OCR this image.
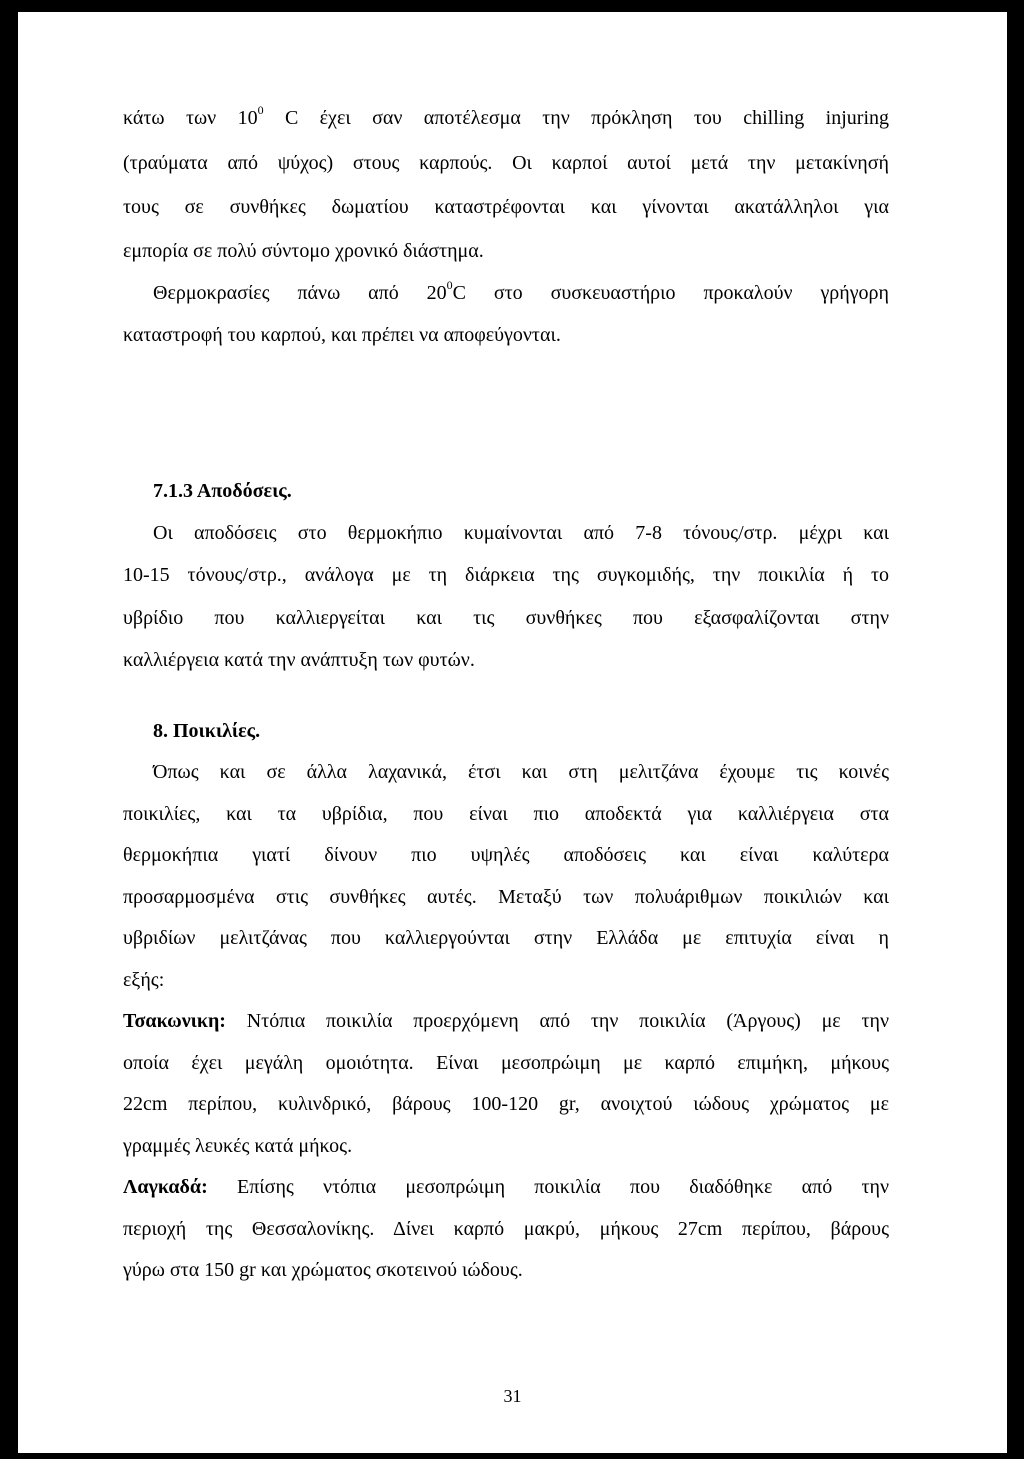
κάτω των $10^0$ C έχει σαν αποτέλεσμα την πρόκληση του chilling injuring
(τραύματα από ψύχος) στους καρπούς. Οι καρποί αυτοί μετά την μετακίνησή
τους σε συνθήκες δωματίου καταστρέφονται και γίνονται ακατάλληλοι για
εμπορία σε πολύ σύντομο χρονικό διάστημα.
Θερμοκρασίες πάνω από $20^0C$ στο συσκευαστήριο προκαλούν γρήγορη
καταστροφή του καρπού, και πρέπει να αποφεύγονται.
7.1.3 Αποδόσεις.
Οι αποδόσεις στο θερμοκήπιο κυμαίνονται από 7-8 τόνους/στρ. μέχρι και
10-15 τόνους/στρ., ανάλογα με τη διάρκεια της συγκομιδής, την ποικιλία ή το
υβρίδιο που καλλιεργείται και τις συνθήκες που εξασφαλίζονται στην
καλλιέργεια κατά την ανάπτυξη των φυτών.
8. Ποικιλίες.
Όπως και σε άλλα λαχανικά, έτσι και στη μελιτζάνα έχουμε τις κοινές
ποικιλίες, και τα υβρίδια, που είναι πιο αποδεκτά για καλλιέργεια στα
θερμοκήπια γιατί δίνουν πιο υψηλές αποδόσεις και είναι καλύτερα
προσαρμοσμένα στις συνθήκες αυτές. Μεταξύ των πολυάριθμων ποικιλιών και
υβριδίων μελιτζάνας που καλλιεργούνται στην Ελλάδα με επιτυχία είναι η
εξής:
Τσακωνικη: Ντόπια ποικιλία προερχόμενη από την ποικιλία (Άργους) με την
οποία έχει μεγάλη ομοιότητα. Είναι μεσοπρώιμη με καρπό επιμήκη, μήκους
22cm περίπου, κυλινδρικό, βάρους 100-120 gr, ανοιχτού ιώδους χρώματος με
γραμμές λευκές κατά μήκος.
Λαγκαδά: Επίσης ντόπια μεσοπρώιμη ποικιλία που διαδόθηκε από την
περιοχή της Θεσσαλονίκης. Δίνει καρπό μακρύ, μήκους 27cm περίπου, βάρους
γύρω στα 150 gr και χρώματος σκοτεινού ιώδους.
31
